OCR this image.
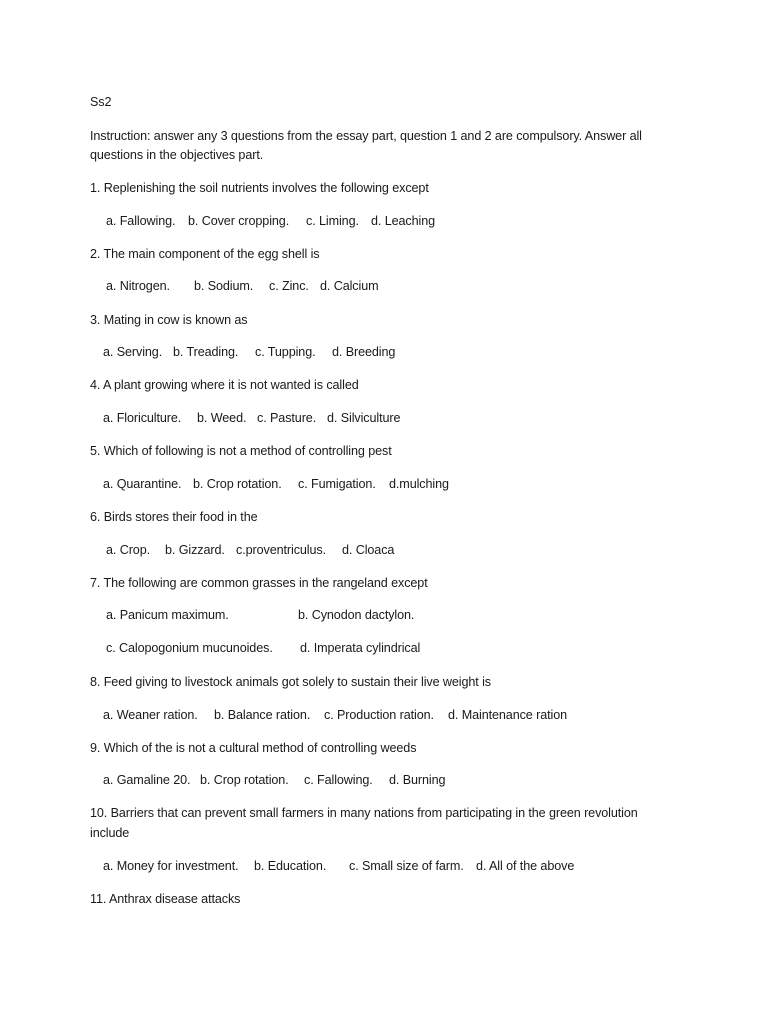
Ss2
Instruction: answer any 3 questions from the essay part, question 1 and 2 are compulsory. Answer all
questions in the objectives part.
1. Replenishing the soil nutrients involves the following except
a. Fallowing. b. Cover cropping. c. Liming. d. Leaching
2. The main component of the egg shell is
a. Nitrogen. b. Sodium. c. Zinc. d. Calcium
3. Mating in cow is known as
a. Serving. b. Treading. c. Tupping. d. Breeding
4. A plant growing where it is not wanted is called
a. Floriculture. b. Weed. c. Pasture. d. Silviculture
5. Which of following is not a method of controlling pest
a. Quarantine. b. Crop rotation. c. Fumigation. d.mulching
6. Birds stores their food in the
a. Crop. b. Gizzard. c.proventriculus. d. Cloaca
7. The following are common grasses in the rangeland except
a. Panicum maximum.	b. Cynodon dactylon.
c. Calopogonium mucunoides. d. Imperata cylindrical
8. Feed giving to livestock animals got solely to sustain their live weight is
a. Weaner ration. b. Balance ration. c. Production ration. d. Maintenance ration
9. Which of the is not a cultural method of controlling weeds
a. Gamaline 20. b. Crop rotation. c. Fallowing. d. Burning
10. Barriers that can prevent small farmers in many nations from participating in the green revolution
include
a. Money for investment. b. Education. c. Small size of farm. d. All of the above
11. Anthrax disease attacks
